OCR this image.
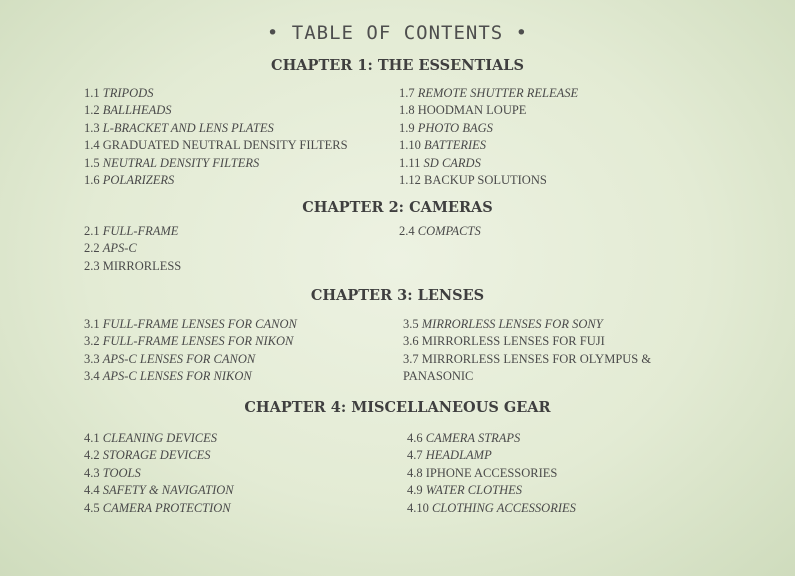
• TABLE OF CONTENTS •
CHAPTER 1: THE ESSENTIALS
1.1 TRIPODS
1.2 BALLHEADS
1.3 L-BRACKET AND LENS PLATES
1.4 GRADUATED NEUTRAL DENSITY FILTERS
1.5 NEUTRAL DENSITY FILTERS
1.6 POLARIZERS
1.7 REMOTE SHUTTER RELEASE
1.8 HOODMAN LOUPE
1.9 PHOTO BAGS
1.10 BATTERIES
1.11 SD CARDS
1.12 BACKUP SOLUTIONS
CHAPTER 2: CAMERAS
2.1 FULL-FRAME
2.2 APS-C
2.3 MIRRORLESS
2.4 COMPACTS
CHAPTER 3: LENSES
3.1 FULL-FRAME LENSES FOR CANON
3.2 FULL-FRAME LENSES FOR NIKON
3.3 APS-C LENSES FOR CANON
3.4 APS-C LENSES FOR NIKON
3.5 MIRRORLESS LENSES FOR SONY
3.6 MIRRORLESS LENSES FOR FUJI
3.7 MIRRORLESS LENSES FOR OLYMPUS & PANASONIC
CHAPTER 4: MISCELLANEOUS GEAR
4.1 CLEANING DEVICES
4.2 STORAGE DEVICES
4.3 TOOLS
4.4 SAFETY & NAVIGATION
4.5 CAMERA PROTECTION
4.6 CAMERA STRAPS
4.7 HEADLAMP
4.8 IPHONE ACCESSORIES
4.9 WATER CLOTHES
4.10 CLOTHING ACCESSORIES
